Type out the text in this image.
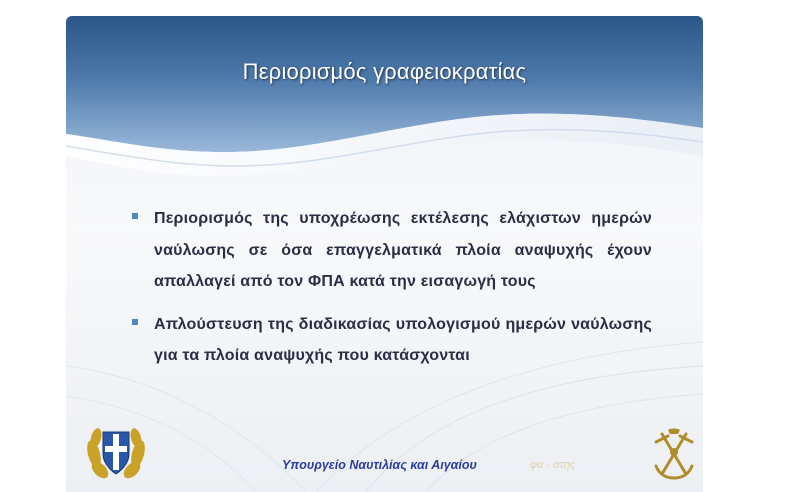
Περιορισμός γραφειοκρατίας
Περιορισμός της υποχρέωσης εκτέλεσης ελάχιστων ημερών ναύλωσης σε όσα επαγγελματικά πλοία αναψυχής έχουν απαλλαγεί από τον ΦΠΑ κατά την εισαγωγή τους
Απλούστευση της διαδικασίας υπολογισμού ημερών ναύλωσης για τα πλοία αναψυχής που κατάσχονται
Υπουργείο Ναυτιλίας και Αιγαίου	φα · ατης
